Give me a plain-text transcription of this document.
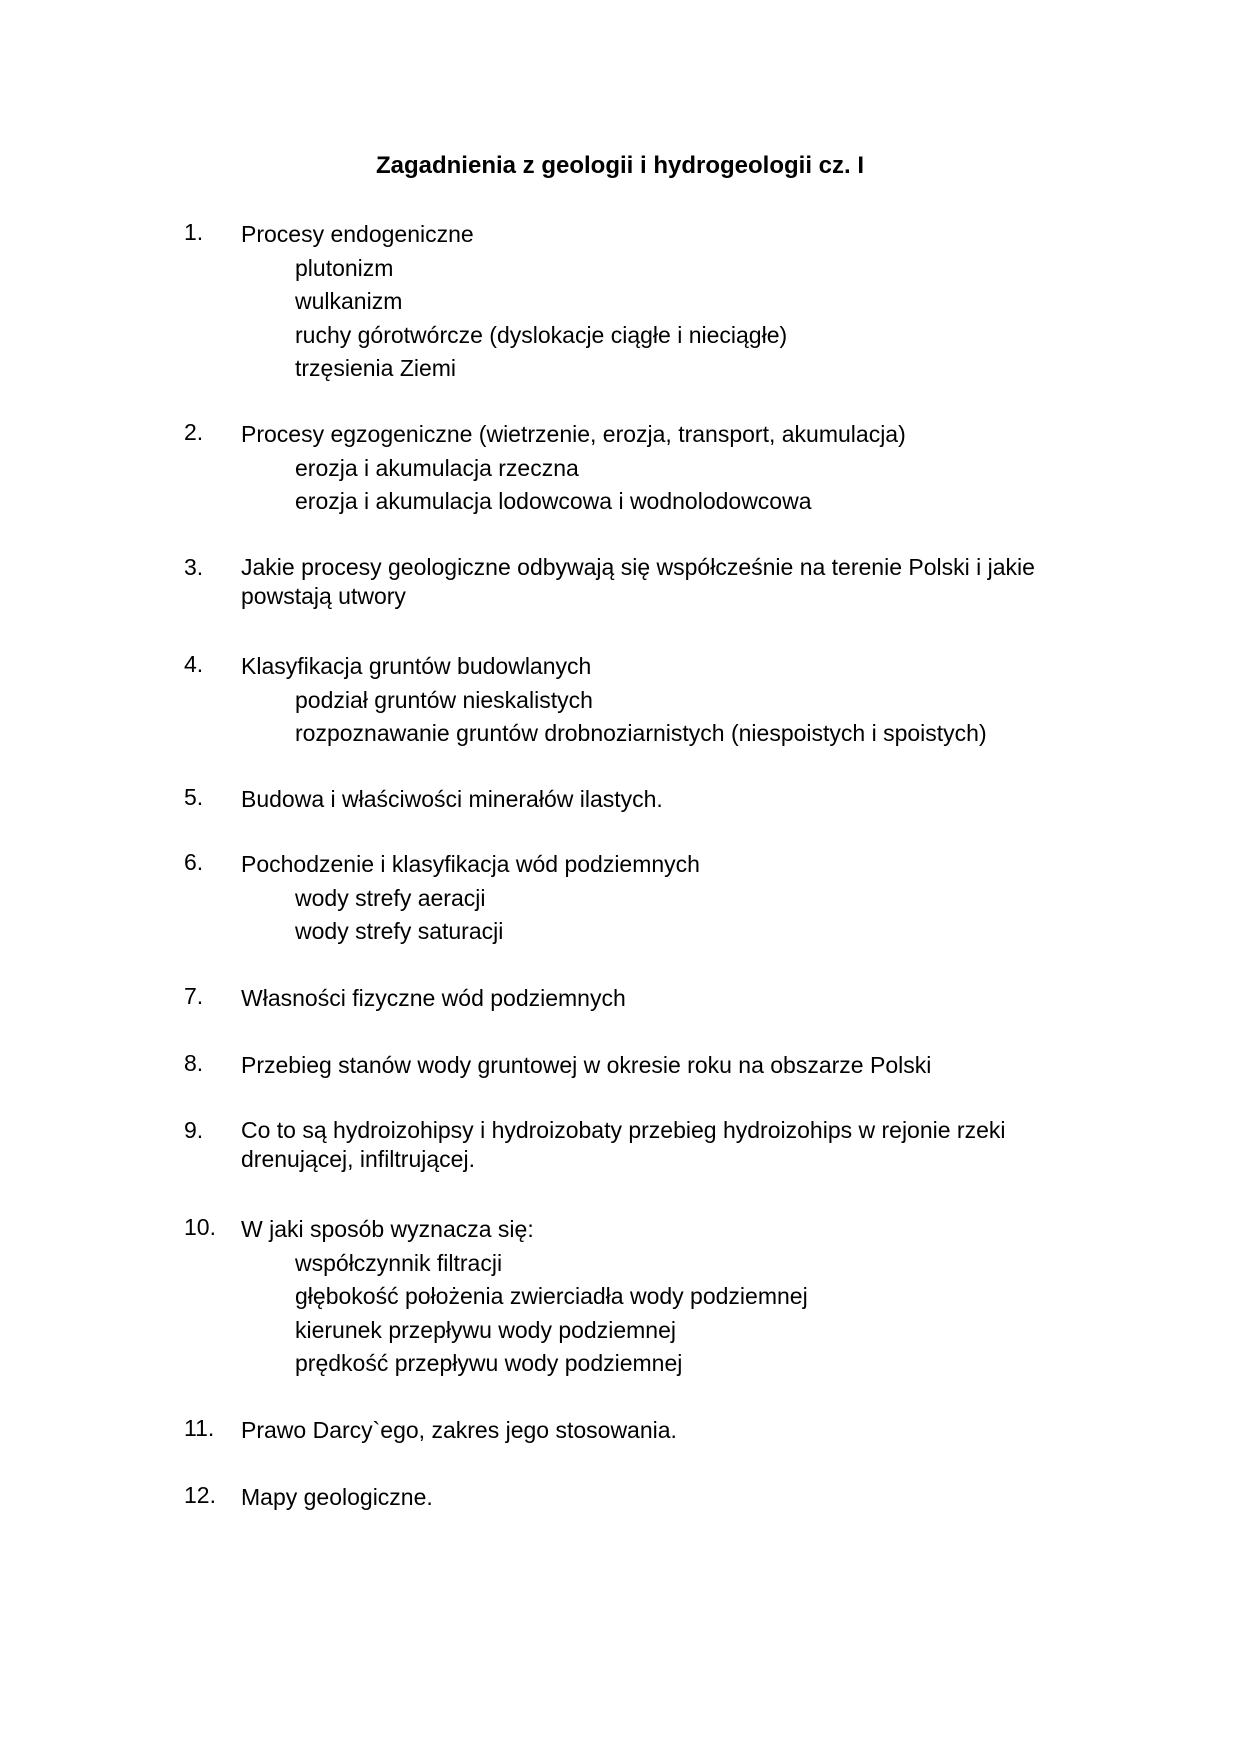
Zagadnienia z geologii i hydrogeologii cz. I
1. Procesy endogeniczne
plutonizm
wulkanizm
ruchy górotwórcze (dyslokacje ciągłe i nieciągłe)
trzęsienia Ziemi
2. Procesy egzogeniczne (wietrzenie, erozja, transport, akumulacja)
erozja i akumulacja rzeczna
erozja i akumulacja lodowcowa i wodnolodowcowa
3. Jakie procesy geologiczne odbywają się współcześnie na terenie Polski i jakie powstają utwory
4. Klasyfikacja gruntów budowlanych
podział gruntów nieskalistych
rozpoznawanie gruntów drobnoziarnistych (niespoistych i spoistych)
5. Budowa i właściwości minerałów ilastych.
6. Pochodzenie i klasyfikacja wód podziemnych
wody strefy aeracji
wody strefy saturacji
7. Własności fizyczne wód podziemnych
8. Przebieg stanów wody gruntowej w okresie roku na obszarze Polski
9. Co to są hydroizohipsy i hydroizobaty przebieg hydroizohips w rejonie rzeki drenującej, infiltrującej.
10. W jaki sposób wyznacza się:
współczynnik filtracji
głębokość położenia zwierciadła wody podziemnej
kierunek przepływu wody podziemnej
prędkość przepływu wody podziemnej
11. Prawo Darcy`ego, zakres jego stosowania.
12. Mapy geologiczne.
